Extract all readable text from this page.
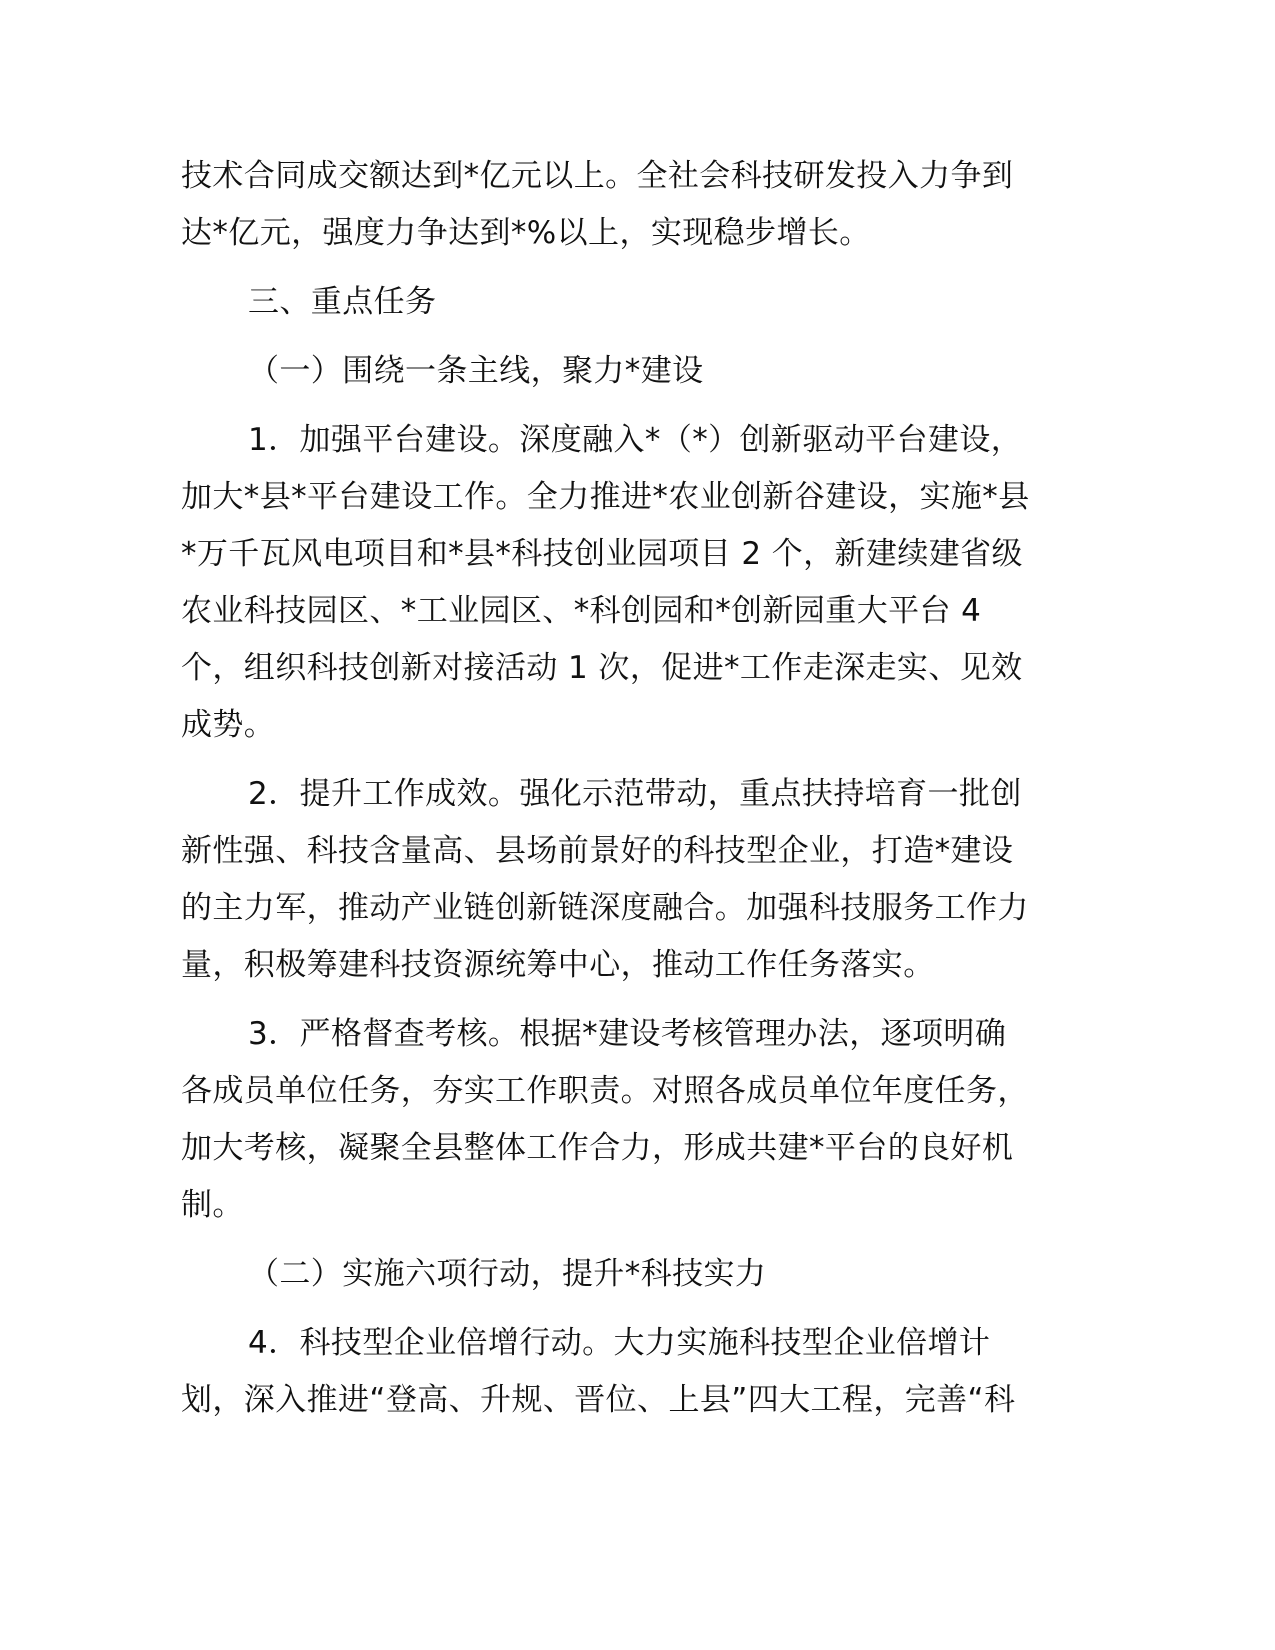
技术合同成交额达到*亿元以上。全社会科技研发投入力争到
达*亿元，强度力争达到*%以上，实现稳步增长。
三、重点任务
（一）围绕一条主线，聚力*建设
1．加强平台建设。深度融入*（*）创新驱动平台建设，
加大*县*平台建设工作。全力推进*农业创新谷建设，实施*县
*万千瓦风电项目和*县*科技创业园项目 2 个，新建续建省级
农业科技园区、*工业园区、*科创园和*创新园重大平台 4
个，组织科技创新对接活动 1 次，促进*工作走深走实、见效
成势。
2．提升工作成效。强化示范带动，重点扶持培育一批创
新性强、科技含量高、县场前景好的科技型企业，打造*建设
的主力军，推动产业链创新链深度融合。加强科技服务工作力
量，积极筹建科技资源统筹中心，推动工作任务落实。
3．严格督查考核。根据*建设考核管理办法，逐项明确
各成员单位任务，夯实工作职责。对照各成员单位年度任务，
加大考核，凝聚全县整体工作合力，形成共建*平台的良好机
制。
（二）实施六项行动，提升*科技实力
4．科技型企业倍增行动。大力实施科技型企业倍增计
划，深入推进“登高、升规、晋位、上县”四大工程，完善“科
